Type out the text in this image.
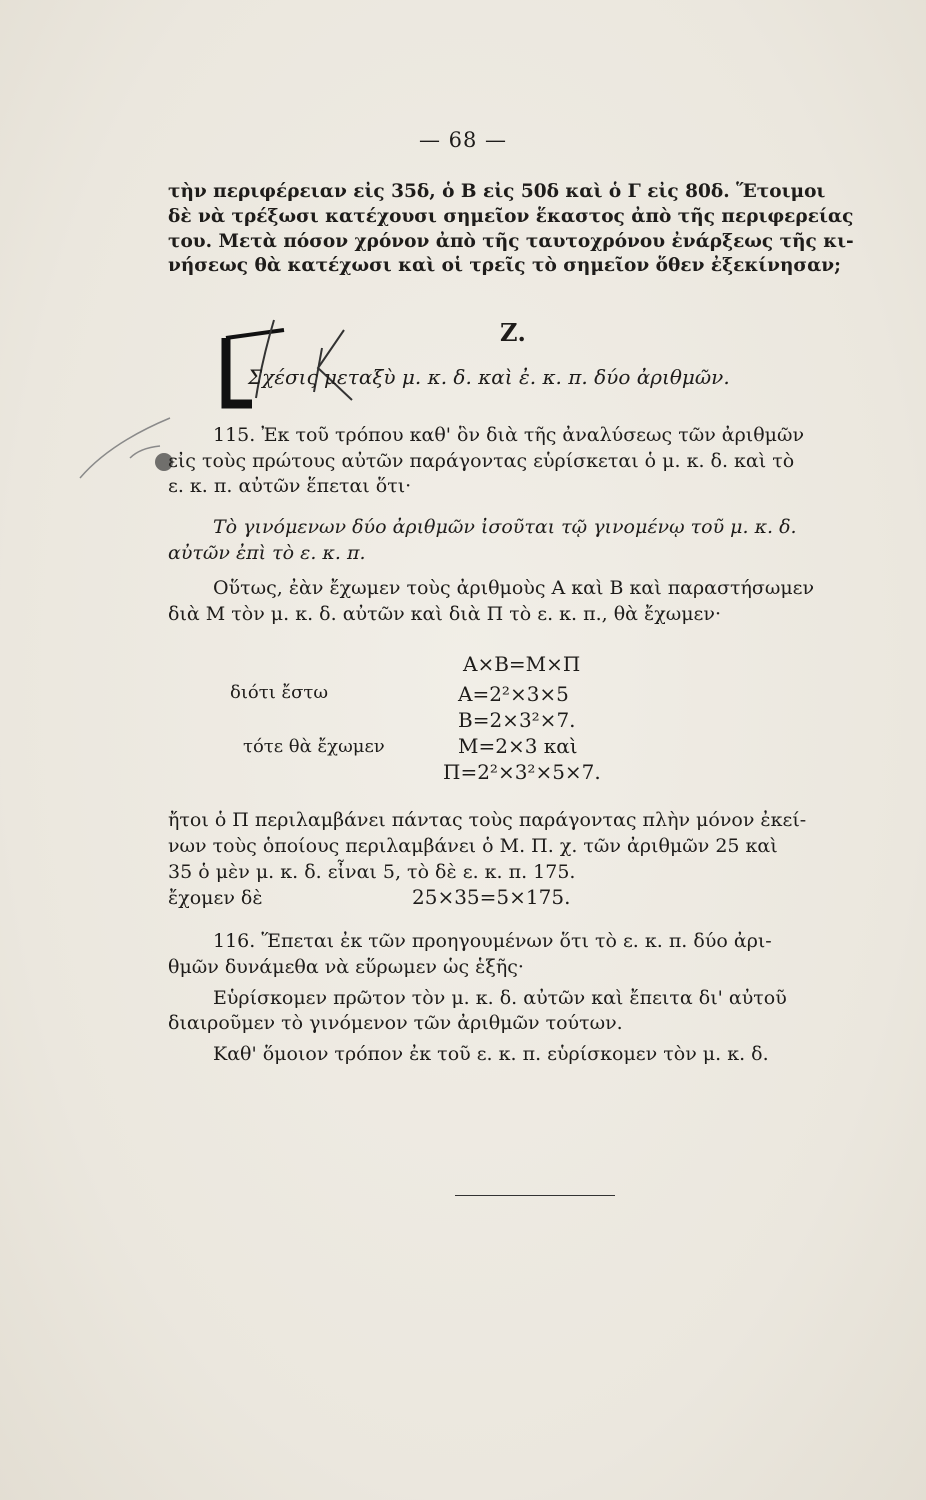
— 68 —
τὴν περιφέρειαν εἰς 35δ, ὁ Β εἰς 50δ καὶ ὁ Γ εἰς 80δ. Ἕτοιμοι
δὲ νὰ τρέξωσι κατέχουσι σημεῖον ἕκαστος ἀπὸ τῆς περιφερείας
του. Μετὰ πόσον χρόνον ἀπὸ τῆς ταυτοχρόνου ἐνάρξεως τῆς κι-
νήσεως θὰ κατέχωσι καὶ οἱ τρεῖς τὸ σημεῖον ὅθεν ἐξεκίνησαν;
Ζ.
Σχέσις μεταξὺ μ. κ. δ. καὶ ἐ. κ. π. δύο ἀριθμῶν.
115. Ἐκ τοῦ τρόπου καθ' ὃν διὰ τῆς ἀναλύσεως τῶν ἀριθμῶν
εἰς τοὺς πρώτους αὐτῶν παράγοντας εὑρίσκεται ὁ μ. κ. δ. καὶ τὸ
ε. κ. π. αὐτῶν ἕπεται ὅτι·
Τὸ γινόμενων δύο ἀριθμῶν ἰσοῦται τῷ γινομένῳ τοῦ μ. κ. δ.
αὐτῶν ἐπὶ τὸ ε. κ. π.
Οὕτως, ἐὰν ἔχωμεν τοὺς ἀριθμοὺς Α καὶ Β καὶ παραστήσωμεν
διὰ Μ τὸν μ. κ. δ. αὐτῶν καὶ διὰ Π τὸ ε. κ. π., θὰ ἔχωμεν·
Α×Β=Μ×Π
διότι ἔστω	Α=2²×3×5
Β=2×3²×7.
τότε θὰ ἔχωμεν	Μ=2×3 καὶ
Π=2²×3²×5×7.
ἤτοι ὁ Π περιλαμβάνει πάντας τοὺς παράγοντας πλὴν μόνον ἐκεί-
νων τοὺς ὁποίους περιλαμβάνει ὁ Μ. Π. χ. τῶν ἀριθμῶν 25 καὶ
35 ὁ μὲν μ. κ. δ. εἶναι 5, τὸ δὲ ε. κ. π. 175.
ἔχομεν δὲ	25×35=5×175.
116. Ἕπεται ἐκ τῶν προηγουμένων ὅτι τὸ ε. κ. π. δύο ἀρι-
θμῶν δυνάμεθα νὰ εὕρωμεν ὡς ἑξῆς·
Εὑρίσκομεν πρῶτον τὸν μ. κ. δ. αὐτῶν καὶ ἔπειτα δι' αὐτοῦ
διαιροῦμεν τὸ γινόμενον τῶν ἀριθμῶν τούτων.
Καθ' ὅμοιον τρόπον ἐκ τοῦ ε. κ. π. εὑρίσκομεν τὸν μ. κ. δ.
